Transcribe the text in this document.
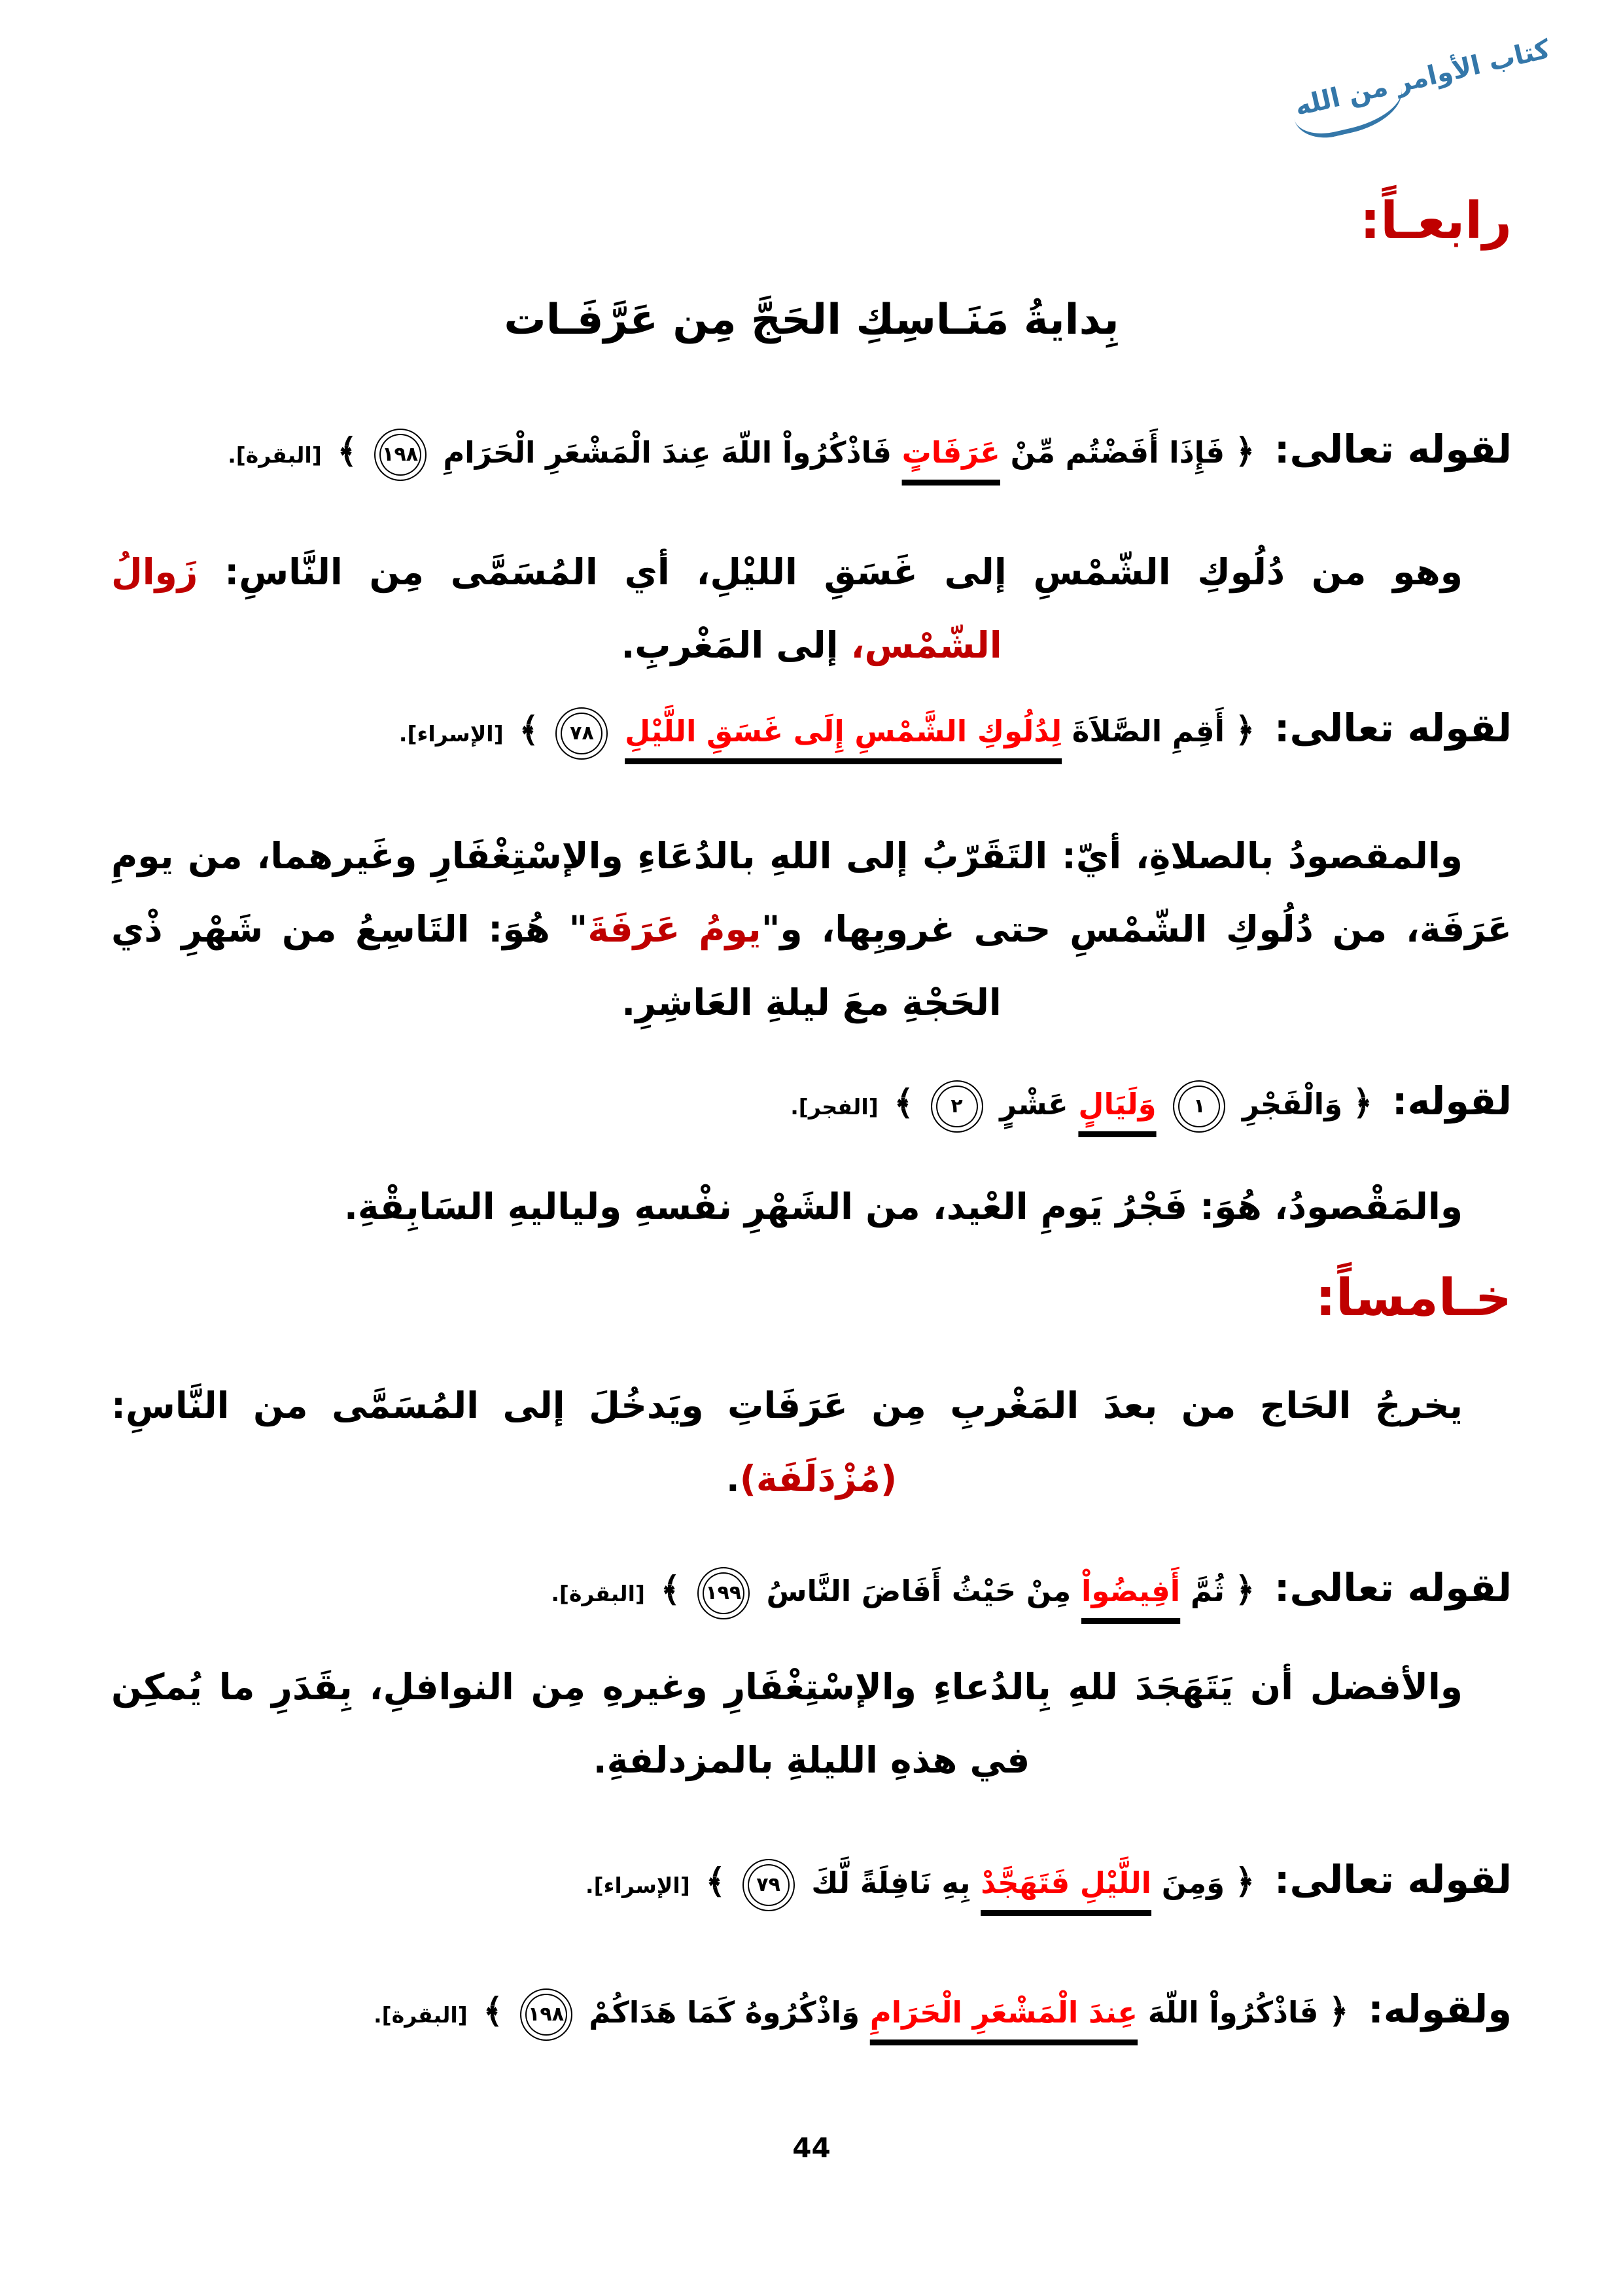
كتاب الأوامر من الله
رابعـاً:
بِدايةُ مَنَـاسِكِ الحَجَّ مِن عَرَّفَـات
لقوله تعالى: ﴿ فَإِذَا أَفَضْتُم مِّنْ عَرَفَاتٍ فَاذْكُرُواْ اللّهَ عِندَ الْمَشْعَرِ الْحَرَامِ ١٩٨ ﴾ [البقرة].

وهو من دُلُوكِ الشّمْسِ إلى غَسَقِ الليْلِ، أي المُسَمَّى مِن النَّاسِ: زَوالُ الشّمْس، إلى المَغْربِ.

لقوله تعالى: ﴿ أَقِمِ الصَّلاَةَ لِدُلُوكِ الشَّمْسِ إِلَى غَسَقِ اللَّيْلِ ٧٨ ﴾ [الإسراء].

والمقصودُ بالصلاةِ، أيّ: التَقَرّبُ إلى اللهِ بالدُعَاءِ والإسْتِغْفَارِ وغَيرهما، من يومِ عَرَفَة، من دُلُوكِ الشّمْسِ حتى غروبِها، و"يومُ عَرَفَةَ" هُوَ: التَاسِعُ من شَهْرِ ذْي الحَجْةِ معَ ليلةِ العَاشِرِ.

لقوله: ﴿ وَالْفَجْرِ ١ وَلَيَالٍ عَشْرٍ ٢ ﴾ [الفجر].

والمَقْصودُ، هُوَ: فَجْرُ يَومِ العْيد، من الشَهْرِ نفْسهِ ولياليهِ السَابِقْةِ.

خـامساً:

يخرجُ الحَاج من بعدَ المَغْربِ مِن عَرَفَاتِ ويَدخُلَ إلى المُسَمَّى من النَّاسِ: (مُزْدَلَفَة).

لقوله تعالى: ﴿ ثُمَّ أَفِيضُواْ مِنْ حَيْثُ أَفَاضَ النَّاسُ ١٩٩ ﴾ [البقرة].

والأفضل أن يَتَهَجَدَ للهِ بِالدُعاءِ والإسْتِغْفَارِ وغيرهِ مِن النوافلِ، بِقَدَرِ ما يُمكِن في هذهِ الليلةِ بالمزدلفةِ.

لقوله تعالى: ﴿ وَمِنَ اللَّيْلِ فَتَهَجَّدْ بِهِ نَافِلَةً لَّكَ ٧٩ ﴾ [الإسراء].
ولقوله: ﴿ فَاذْكُرُواْ اللّهَ عِندَ الْمَشْعَرِ الْحَرَامِ وَاذْكُرُوهُ كَمَا هَدَاكُمْ ١٩٨ ﴾ [البقرة].
44
